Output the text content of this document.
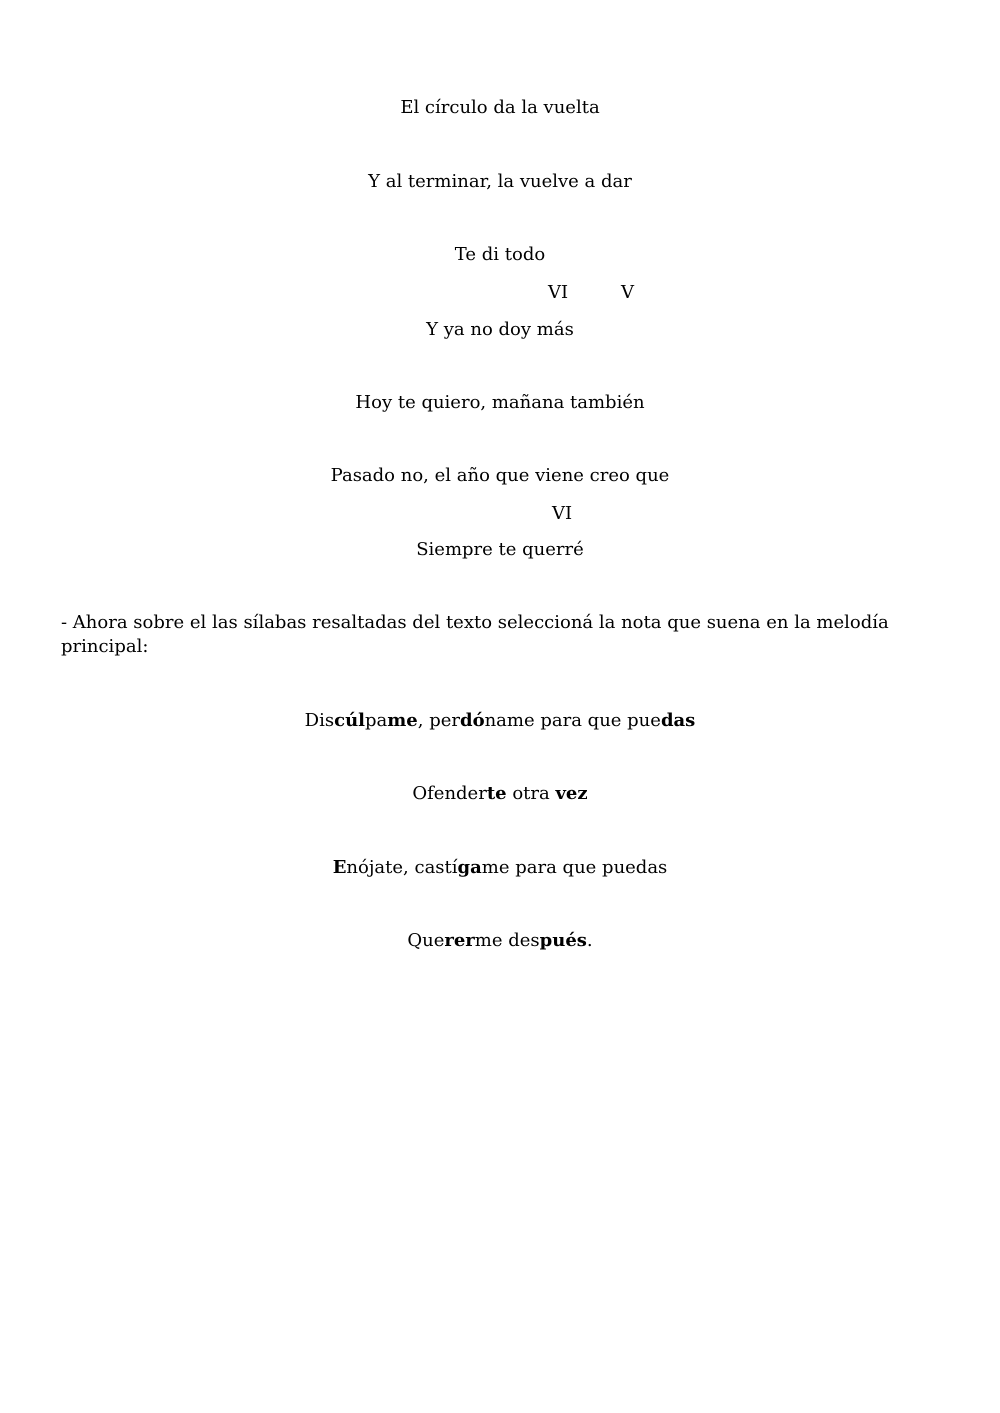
El círculo da la vuelta
Y al terminar, la vuelve a dar
Te di todo
VI	V
Y ya no doy más
Hoy te quiero, mañana también
Pasado no, el año que viene creo que
VI
Siempre te querré
- Ahora sobre el las sílabas resaltadas del texto seleccioná la nota que suena en la melodía principal:
Discúlpame, perdóname para que puedas
Ofenderte otra vez
Enójate, castígame para que puedas
Quererme después.
